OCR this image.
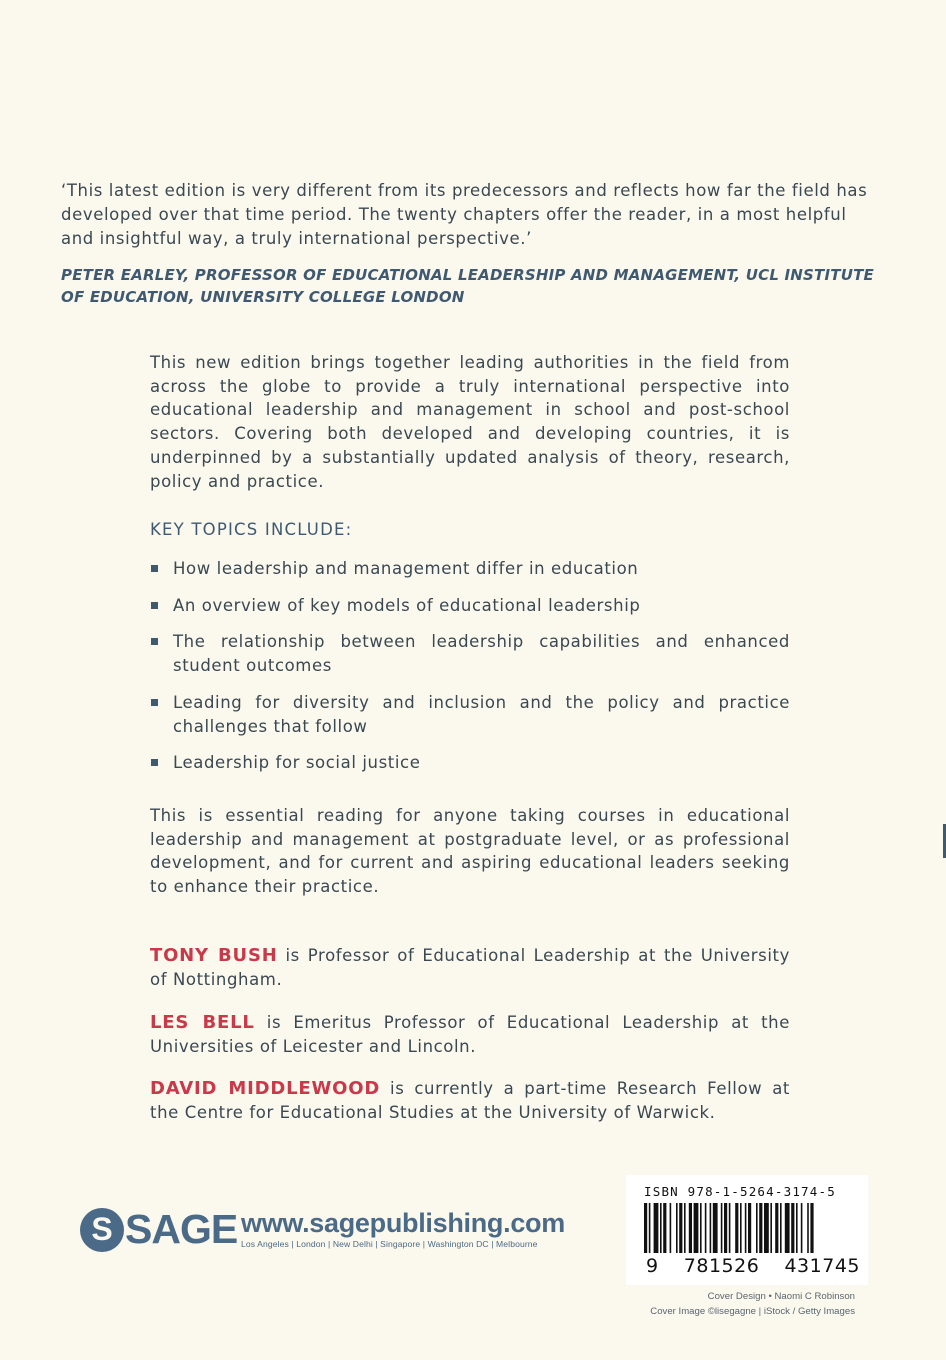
‘This latest edition is very different from its predecessors and reflects how far the field has developed over that time period. The twenty chapters offer the reader, in a most helpful and insightful way, a truly international perspective.’

PETER EARLEY, PROFESSOR OF EDUCATIONAL LEADERSHIP AND MANAGEMENT, UCL INSTITUTE OF EDUCATION, UNIVERSITY COLLEGE LONDON

This new edition brings together leading authorities in the field from across the globe to provide a truly international perspective into educational leadership and management in school and post-school sectors. Covering both developed and developing countries, it is underpinned by a substantially updated analysis of theory, research, policy and practice.

KEY TOPICS INCLUDE:
How leadership and management differ in education
An overview of key models of educational leadership
The relationship between leadership capabilities and enhanced student outcomes
Leading for diversity and inclusion and the policy and practice challenges that follow
Leadership for social justice

This is essential reading for anyone taking courses in educational leadership and management at postgraduate level, or as professional development, and for current and aspiring educational leaders seeking to enhance their practice.

TONY BUSH is Professor of Educational Leadership at the University of Nottingham.

LES BELL is Emeritus Professor of Educational Leadership at the Universities of Leicester and Lincoln.

DAVID MIDDLEWOOD is currently a part-time Research Fellow at the Centre for Educational Studies at the University of Warwick.

S SAGE www.sagepublishing.com
Los Angeles | London | New Delhi | Singapore | Washington DC | Melbourne
ISBN 978-1-5264-3174-5
9 781526 431745
Cover Design • Naomi C Robinson
Cover Image ©lisegagne | iStock / Getty Images
